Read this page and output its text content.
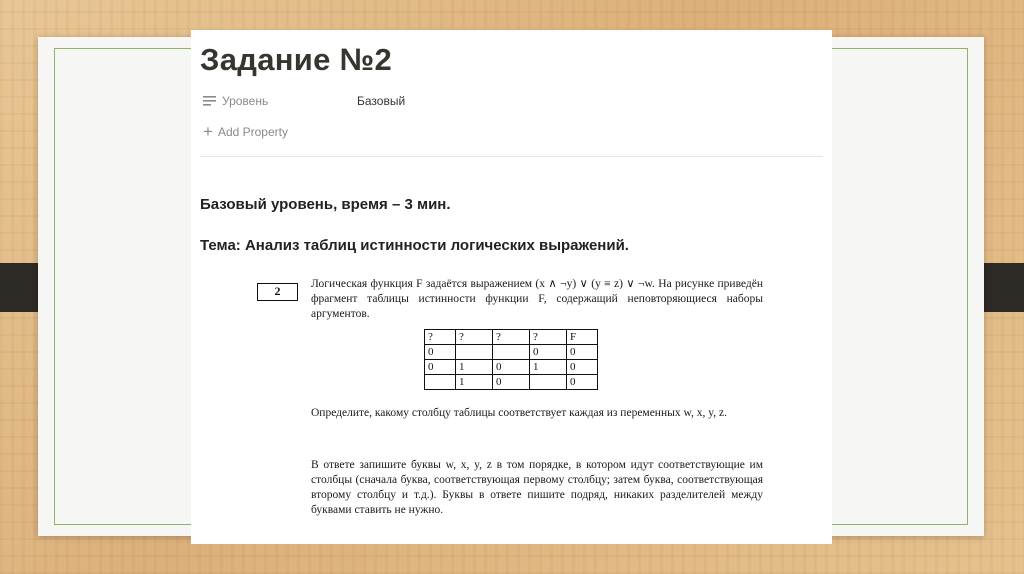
Задание №2
Уровень	Базовый
+ Add Property
Базовый уровень, время – 3 мин.
Тема: Анализ таблиц истинности логических выражений.
2	Логическая функция F задаётся выражением (x ∧ ¬y) ∨ (y ≡ z) ∨ ¬w. На рисунке приведён фрагмент таблицы истинности функции F, содержащий неповторяющиеся наборы аргументов.
?	?	?	?	F
0			0	0
0	1	0	1	0
	1	0		0
Определите, какому столбцу таблицы соответствует каждая из переменных w, x, y, z.
В ответе запишите буквы w, x, y, z в том порядке, в котором идут соответствующие им столбцы (сначала буква, соответствующая первому столбцу; затем буква, соответствующая второму столбцу и т.д.). Буквы в ответе пишите подряд, никаких разделителей между буквами ставить не нужно.
